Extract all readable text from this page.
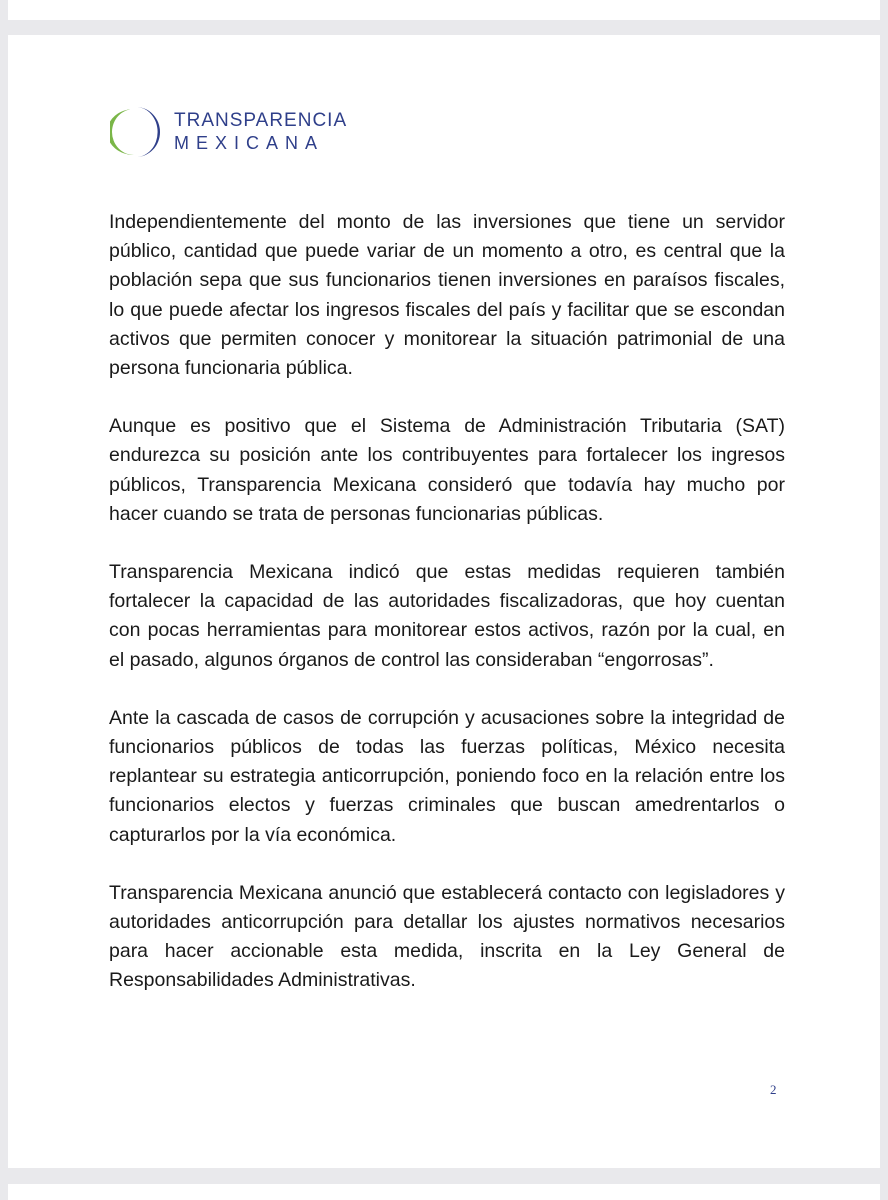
TRANSPARENCIA
MEXICANA

Independientemente del monto de las inversiones que tiene un servidor público, cantidad que puede variar de un momento a otro, es central que la población sepa que sus funcionarios tienen inversiones en paraísos fiscales, lo que puede afectar los ingresos fiscales del país y facilitar que se escondan activos que permiten conocer y monitorear la situación patrimonial de una persona funcionaria pública.

Aunque es positivo que el Sistema de Administración Tributaria (SAT) endurezca su posición ante los contribuyentes para fortalecer los ingresos públicos, Transparencia Mexicana consideró que todavía hay mucho por hacer cuando se trata de personas funcionarias públicas.

Transparencia Mexicana indicó que estas medidas requieren también fortalecer la capacidad de las autoridades fiscalizadoras, que hoy cuentan con pocas herramientas para monitorear estos activos, razón por la cual, en el pasado, algunos órganos de control las consideraban “engorrosas”.

Ante la cascada de casos de corrupción y acusaciones sobre la integridad de funcionarios públicos de todas las fuerzas políticas, México necesita replantear su estrategia anticorrupción, poniendo foco en la relación entre los funcionarios electos y fuerzas criminales que buscan amedrentarlos o capturarlos por la vía económica.

Transparencia Mexicana anunció que establecerá contacto con legisladores y autoridades anticorrupción para detallar los ajustes normativos necesarios para hacer accionable esta medida, inscrita en la Ley General de Responsabilidades Administrativas.

2
